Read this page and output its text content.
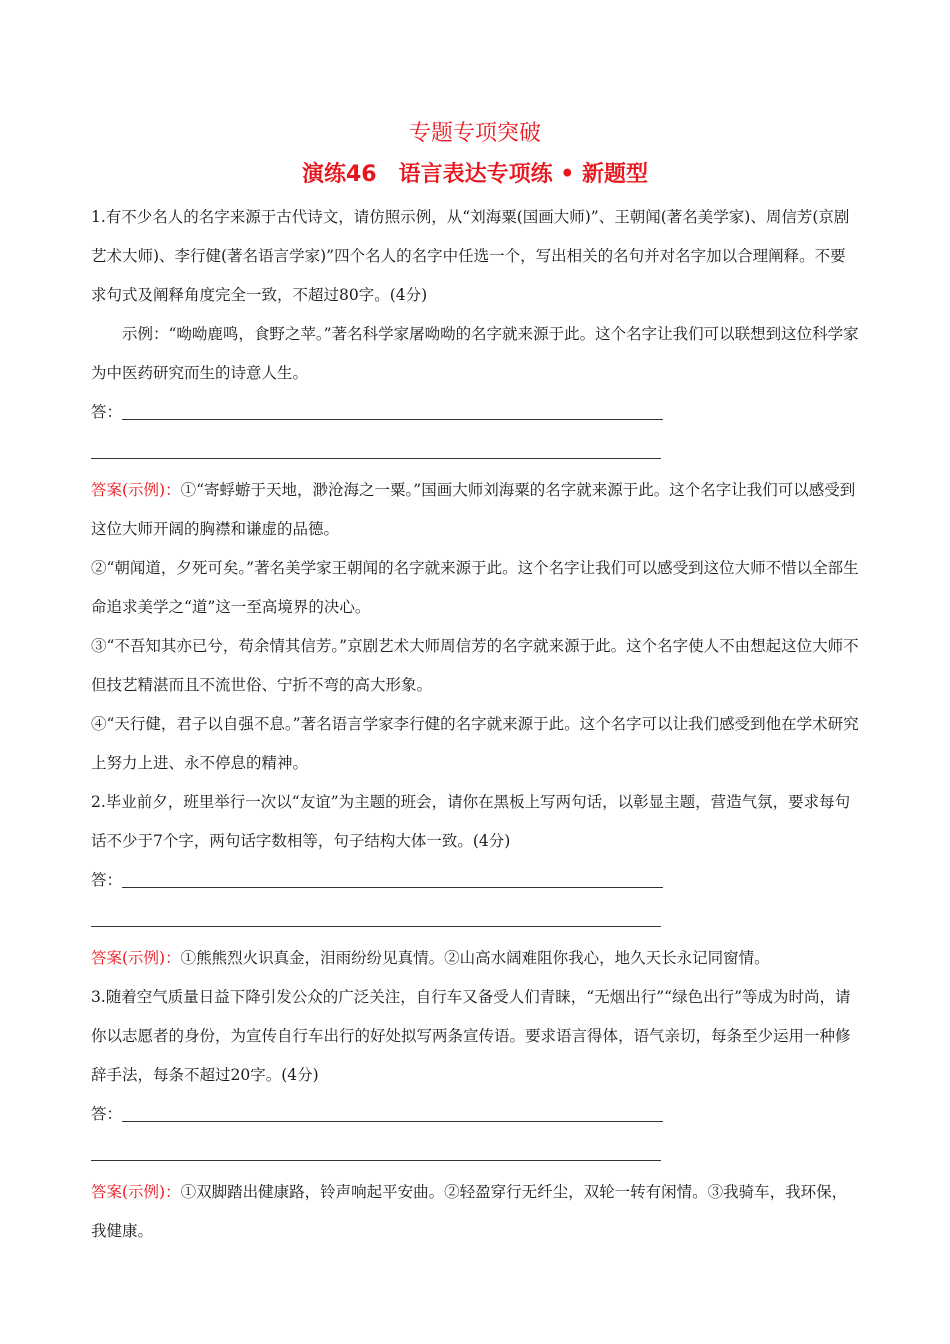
专题专项突破
演练46 语言表达专项练 • 新题型

1.有不少名人的名字来源于古代诗文，请仿照示例，从“刘海粟(国画大师)”、王朝闻(著名美学家)、周信芳(京剧艺术大师)、李行健(著名语言学家)”四个名人的名字中任选一个，写出相关的名句并对名字加以合理阐释。不要求句式及阐释角度完全一致，不超过80字。(4分)

示例：“呦呦鹿鸣，食野之苹。”著名科学家屠呦呦的名字就来源于此。这个名字让我们可以联想到这位科学家为中医药研究而生的诗意人生。

答：

答案(示例)：①“寄蜉蝣于天地，渺沧海之一粟。”国画大师刘海粟的名字就来源于此。这个名字让我们可以感受到这位大师开阔的胸襟和谦虚的品德。

②“朝闻道，夕死可矣。”著名美学家王朝闻的名字就来源于此。这个名字让我们可以感受到这位大师不惜以全部生命追求美学之“道”这一至高境界的决心。

③“不吾知其亦已兮，苟余情其信芳。”京剧艺术大师周信芳的名字就来源于此。这个名字使人不由想起这位大师不但技艺精湛而且不流世俗、宁折不弯的高大形象。

④“天行健，君子以自强不息。”著名语言学家李行健的名字就来源于此。这个名字可以让我们感受到他在学术研究上努力上进、永不停息的精神。

2.毕业前夕，班里举行一次以“友谊”为主题的班会，请你在黑板上写两句话，以彰显主题，营造气氛，要求每句话不少于7个字，两句话字数相等，句子结构大体一致。(4分)

答：

答案(示例)：①熊熊烈火识真金，泪雨纷纷见真情。②山高水阔难阻你我心，地久天长永记同窗情。

3.随着空气质量日益下降引发公众的广泛关注，自行车又备受人们青睐，“无烟出行”“绿色出行”等成为时尚，请你以志愿者的身份，为宣传自行车出行的好处拟写两条宣传语。要求语言得体，语气亲切，每条至少运用一种修辞手法，每条不超过20字。(4分)

答：

答案(示例)：①双脚踏出健康路，铃声响起平安曲。②轻盈穿行无纤尘，双轮一转有闲情。③我骑车，我环保，我健康。
